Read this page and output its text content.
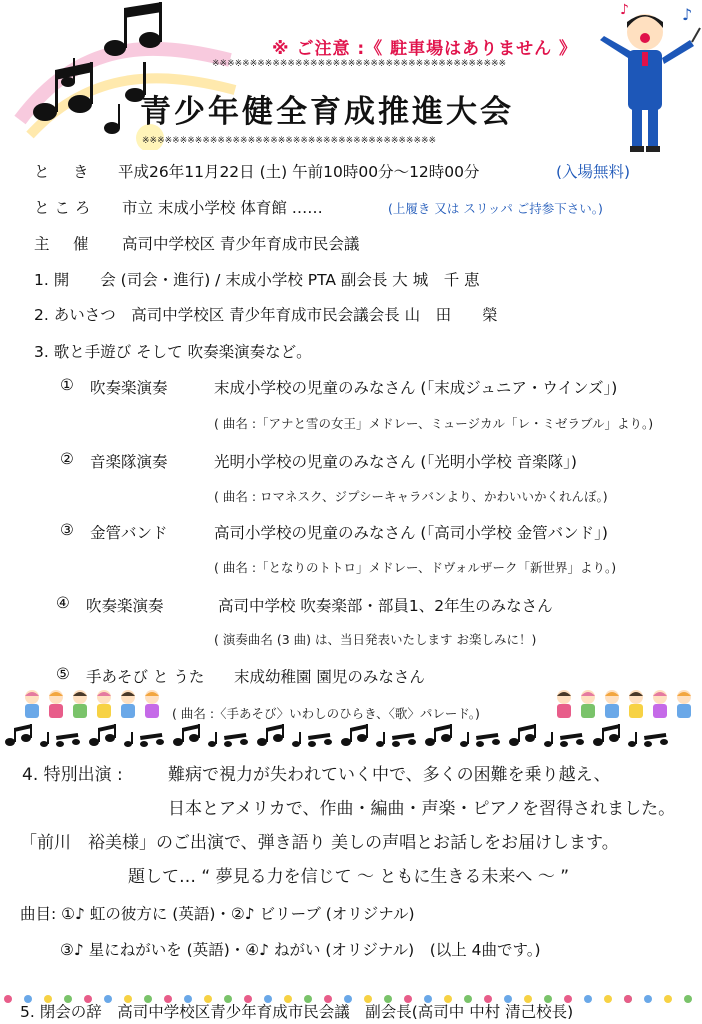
♪	♪
※ ご注意 :《 駐車場はありません 》
※※※※※※※※※※※※※※※※※※※※※※※※※※※※※※※※※※※※※※※
青少年健全育成推進大会
※※※※※※※※※※※※※※※※※※※※※※※※※※※※※※※※※※※※※※※
と　き 平成26年11月22日 (土) 午前10時00分～12時00分	(入場無料)
と こ ろ 市立 末成小学校 体育館 ……	(上履き 又は スリッパ ご持参下さい。)
主　催 高司中学校区 青少年育成市民会議
1. 開　　会 (司会・進行) / 末成小学校 PTA 副会長 大 城　千 恵
2. あいさつ　高司中学校区 青少年育成市民会議会長 山　田　　榮
3. 歌と手遊び そして 吹奏楽演奏など。
① 吹奏楽演奏	末成小学校の児童のみなさん (「末成ジュニア・ウインズ」)
( 曲名 :「アナと雪の女王」メドレー、ミュージカル「レ・ミゼラブル」より。)
② 音楽隊演奏	光明小学校の児童のみなさん (「光明小学校 音楽隊」)
( 曲名 : ロマネスク、ジプシーキャラバンより、かわいいかくれんぼ。)
③ 金管バンド	高司小学校の児童のみなさん (「高司小学校 金管バンド」)
( 曲名 :「となりのトトロ」メドレー、ドヴォルザーク「新世界」より。)
④ 吹奏楽演奏	高司中学校 吹奏楽部・部員1、2年生のみなさん
( 演奏曲名 (3 曲) は、当日発表いたします お楽しみに！)
⑤ 手あそび と うた 末成幼稚園 園児のみなさん
( 曲名 :〈手あそび〉いわしのひらき、〈歌〉パレード。)
4. 特別出演 :	難病で視力が失われていく中で、多くの困難を乗り越え、
日本とアメリカで、作曲・編曲・声楽・ピアノを習得されました。
「前川　裕美様」のご出演で、弾き語り 美しの声唱とお話しをお届けします。
題して… “ 夢見る力を信じて ～ ともに生きる未来へ ～ ”
曲目: ①♪ 虹の彼方に (英語)・②♪ ビリーブ (オリジナル)
③♪ 星にねがいを (英語)・④♪ ねがい (オリジナル)　(以上 4曲です。)
5. 閉会の辞　高司中学校区青少年育成市民会議　副会長(高司中 中村 清己校長)
